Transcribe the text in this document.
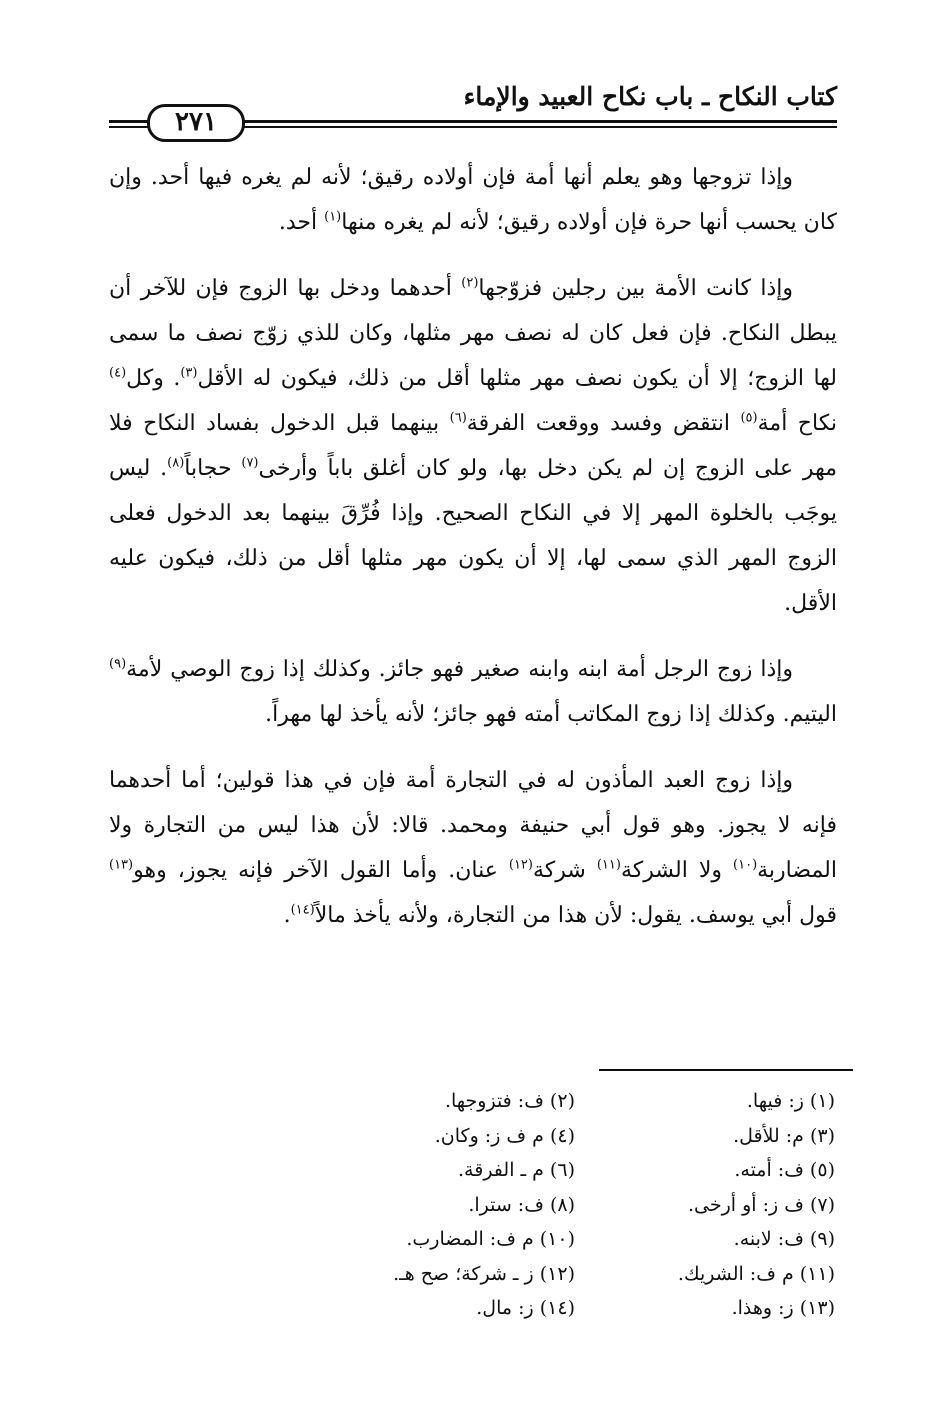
كتاب النكاح ـ باب نكاح العبيد والإماء
٢٧١

وإذا تزوجها وهو يعلم أنها أمة فإن أولاده رقيق؛ لأنه لم يغره فيها أحد. وإن كان يحسب أنها حرة فإن أولاده رقيق؛ لأنه لم يغره منها$^{(١)}$ أحد.

وإذا كانت الأمة بين رجلين فزوّجها$^{(٢)}$ أحدهما ودخل بها الزوج فإن للآخر أن يبطل النكاح. فإن فعل كان له نصف مهر مثلها، وكان للذي زوّج نصف ما سمى لها الزوج؛ إلا أن يكون نصف مهر مثلها أقل من ذلك، فيكون له الأقل$^{(٣)}$. وكل$^{(٤)}$ نكاح أمة$^{(٥)}$ انتقض وفسد ووقعت الفرقة$^{(٦)}$ بينهما قبل الدخول بفساد النكاح فلا مهر على الزوج إن لم يكن دخل بها، ولو كان أغلق باباً وأرخى$^{(٧)}$ حجاباً$^{(٨)}$. ليس يوجَب بالخلوة المهر إلا في النكاح الصحيح. وإذا فُرِّقَ بينهما بعد الدخول فعلى الزوج المهر الذي سمى لها، إلا أن يكون مهر مثلها أقل من ذلك، فيكون عليه الأقل.

وإذا زوج الرجل أمة ابنه وابنه صغير فهو جائز. وكذلك إذا زوج الوصي لأمة$^{(٩)}$ اليتيم. وكذلك إذا زوج المكاتب أمته فهو جائز؛ لأنه يأخذ لها مهراً.

وإذا زوج العبد المأذون له في التجارة أمة فإن في هذا قولين؛ أما أحدهما فإنه لا يجوز. وهو قول أبي حنيفة ومحمد. قالا: لأن هذا ليس من التجارة ولا المضاربة$^{(١٠)}$ ولا الشركة$^{(١١)}$ شركة$^{(١٢)}$ عنان. وأما القول الآخر فإنه يجوز، وهو$^{(١٣)}$ قول أبي يوسف. يقول: لأن هذا من التجارة، ولأنه يأخذ مالاً$^{(١٤)}$.

(١) ز: فيها.
(٣) م: للأقل.
(٥) ف: أمته.
(٧) ف ز: أو أرخى.
(٩) ف: لابنه.
(١١) م ف: الشريك.
(١٣) ز: وهذا.
(٢) ف: فتزوجها.
(٤) م ف ز: وكان.
(٦) م ـ الفرقة.
(٨) ف: سترا.
(١٠) م ف: المضارب.
(١٢) ز ـ شركة؛ صح هـ.
(١٤) ز: مال.
